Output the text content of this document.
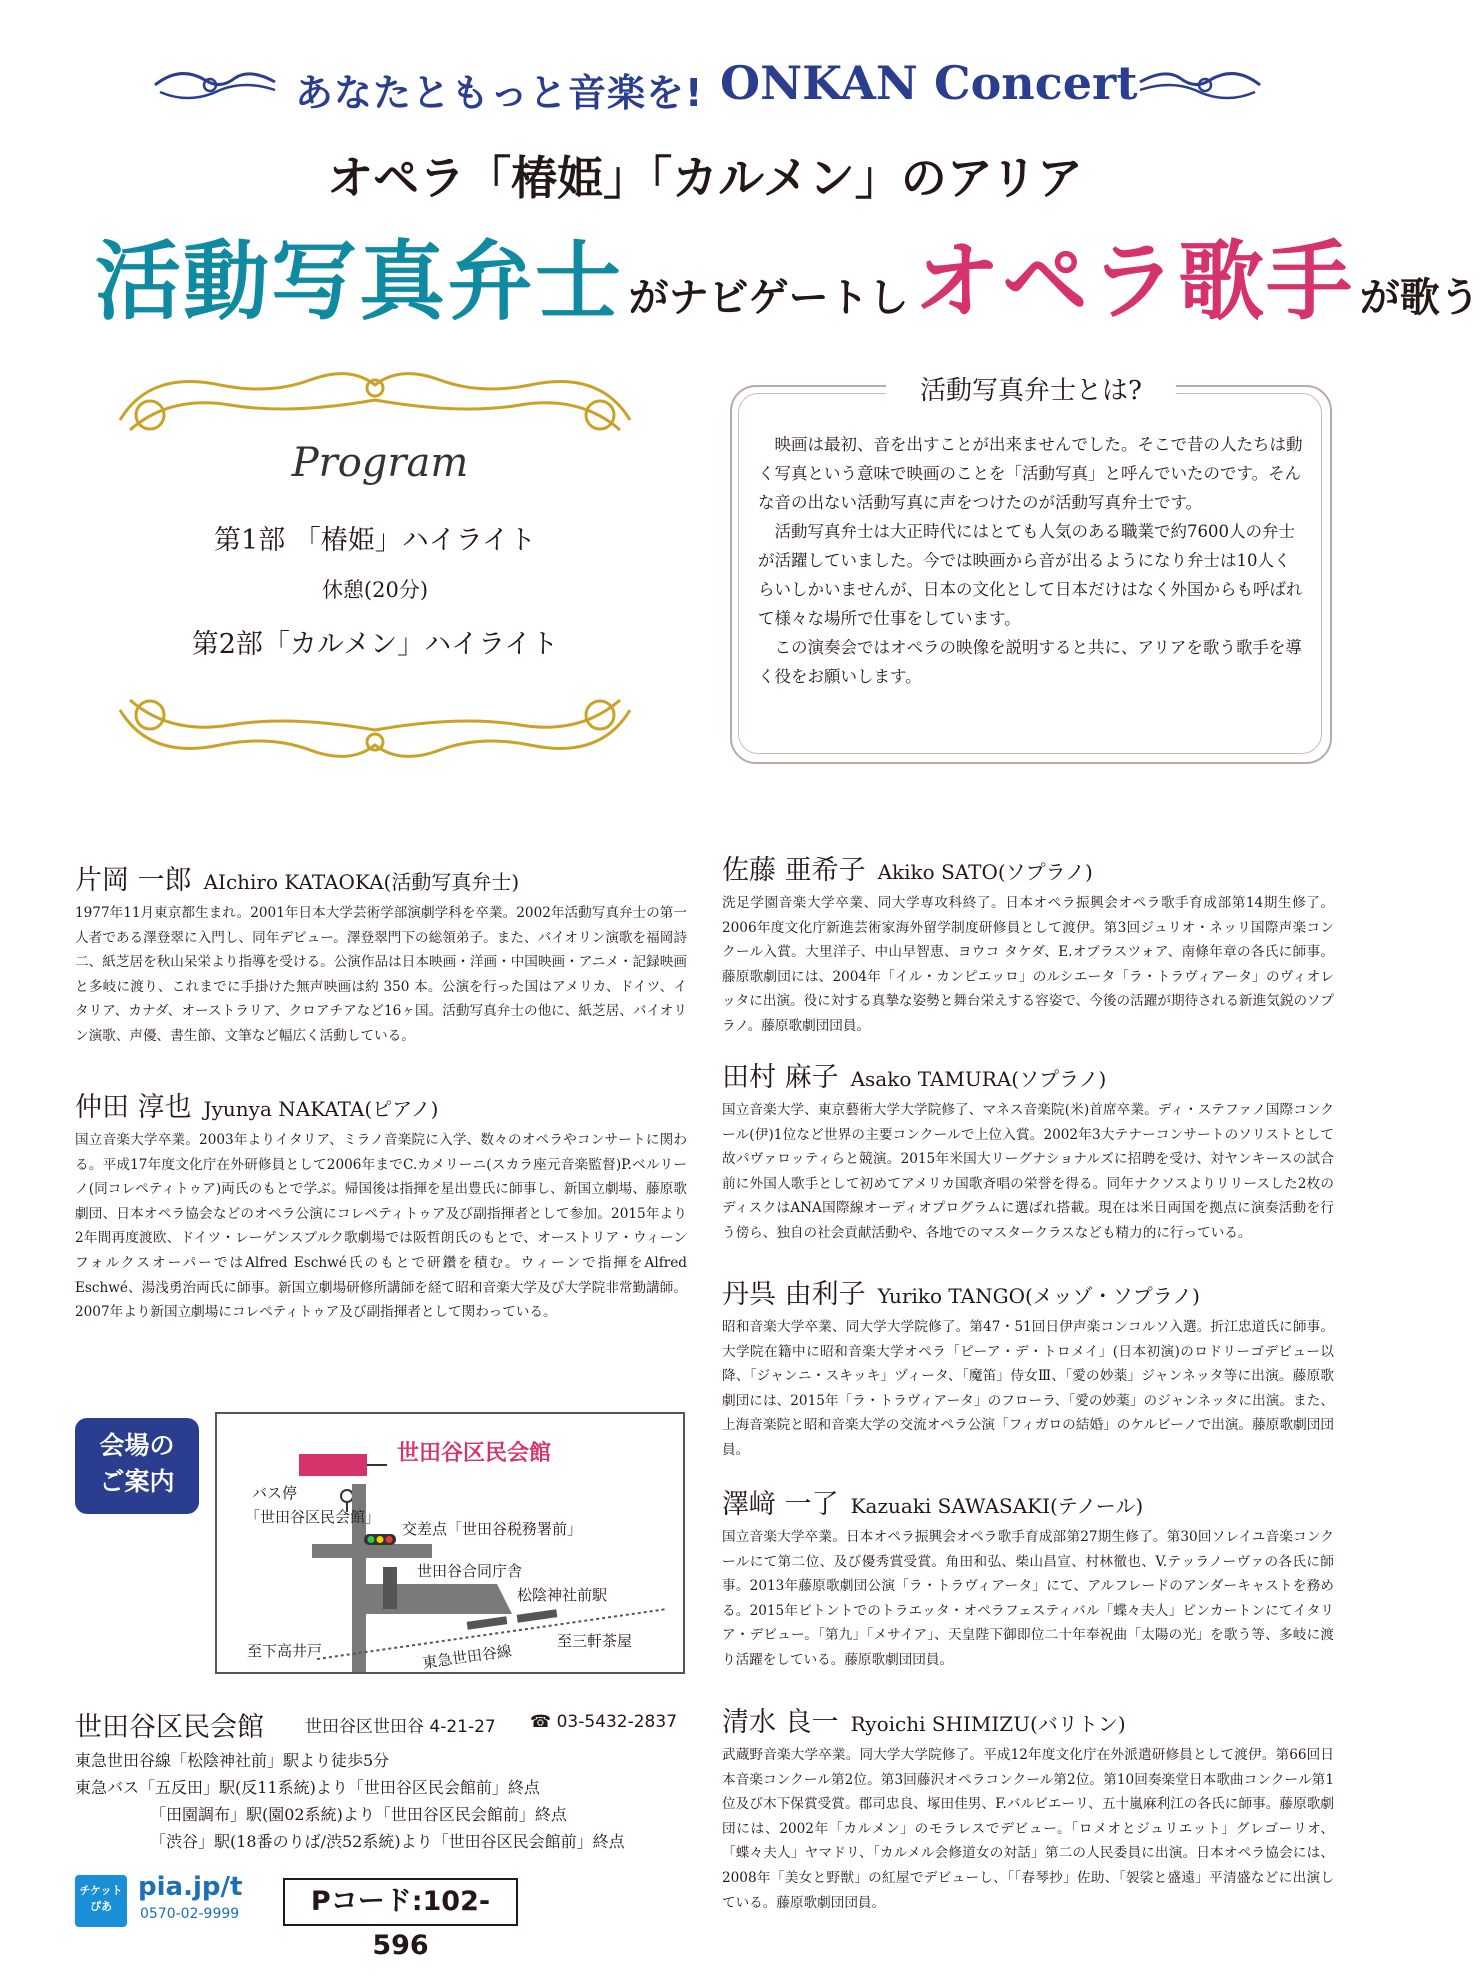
あなたともっと音楽を! ONKAN Concert
オペラ「椿姫」「カルメン」のアリア
活動写真弁士 がナビゲートし オペラ歌手 が歌う
Program
第1部 「椿姫」ハイライト
休憩(20分)
第2部「カルメン」ハイライト
活動写真弁士とは?

映画は最初、音を出すことが出来ませんでした。そこで昔の人たちは動く写真という意味で映画のことを「活動写真」と呼んでいたのです。そんな音の出ない活動写真に声をつけたのが活動写真弁士です。

活動写真弁士は大正時代にはとても人気のある職業で約7600人の弁士が活躍していました。今では映画から音が出るようになり弁士は10人くらいしかいませんが、日本の文化として日本だけはなく外国からも呼ばれて様々な場所で仕事をしています。

この演奏会ではオペラの映像を説明すると共に、アリアを歌う歌手を導く役をお願いします。

片岡 一郎 AIchiro KATAOKA(活動写真弁士)
1977年11月東京都生まれ。2001年日本大学芸術学部演劇学科を卒業。2002年活動写真弁士の第一人者である澤登翠に入門し、同年デビュー。澤登翠門下の総領弟子。また、バイオリン演歌を福岡詩二、紙芝居を秋山呆栄より指導を受ける。公演作品は日本映画・洋画・中国映画・アニメ・記録映画と多岐に渡り、これまでに手掛けた無声映画は約 350 本。公演を行った国はアメリカ、ドイツ、イタリア、カナダ、オーストラリア、クロアチアなど16ヶ国。活動写真弁士の他に、紙芝居、バイオリン演歌、声優、書生節、文筆など幅広く活動している。
仲田 淳也 Jyunya NAKATA(ピアノ)
国立音楽大学卒業。2003年よりイタリア、ミラノ音楽院に入学、数々のオペラやコンサートに関わる。平成17年度文化庁在外研修員として2006年までC.カメリーニ(スカラ座元音楽監督)P.ベルリーノ(同コレペティトゥア)両氏のもとで学ぶ。帰国後は指揮を星出豊氏に師事し、新国立劇場、藤原歌劇団、日本オペラ協会などのオペラ公演にコレペティトゥア及び副指揮者として参加。2015年より2年間再度渡欧、ドイツ・レーゲンスブルク歌劇場では阪哲朗氏のもとで、オーストリア・ウィーンフォルクスオーパーではAlfred Eschwé氏のもとで研鑽を積む。ウィーンで指揮をAlfred Eschwé、湯浅勇治両氏に師事。新国立劇場研修所講師を経て昭和音楽大学及び大学院非常勤講師。2007年より新国立劇場にコレペティトゥア及び副指揮者として関わっている。
佐藤 亜希子 Akiko SATO(ソプラノ)
洗足学園音楽大学卒業、同大学専攻科終了。日本オペラ振興会オペラ歌手育成部第14期生修了。2006年度文化庁新進芸術家海外留学制度研修員として渡伊。第3回ジュリオ・ネッリ国際声楽コンクール入賞。大里洋子、中山早智恵、ヨウコ タケダ、E.オブラスツォア、南條年章の各氏に師事。 藤原歌劇団には、2004年「イル・カンピエッロ」のルシエータ「ラ・トラヴィアータ」のヴィオレッタに出演。役に対する真摯な姿勢と舞台栄えする容姿で、今後の活躍が期待される新進気鋭のソプラノ。藤原歌劇団団員。
田村 麻子 Asako TAMURA(ソプラノ)
国立音楽大学、東京藝術大学大学院修了、マネス音楽院(米)首席卒業。ディ・ステファノ国際コンクール(伊)1位など世界の主要コンクールで上位入賞。2002年3大テナーコンサートのソリストとして故パヴァロッティらと競演。2015年米国大リーグナショナルズに招聘を受け、対ヤンキースの試合前に外国人歌手として初めてアメリカ国歌斉唱の栄誉を得る。同年ナクソスよりリリースした2枚のディスクはANA国際線オーディオプログラムに選ばれ搭載。現在は米日両国を拠点に演奏活動を行う傍ら、独自の社会貢献活動や、各地でのマスタークラスなども精力的に行っている。
丹呉 由利子 Yuriko TANGO(メッゾ・ソプラノ)
昭和音楽大学卒業、同大学大学院修了。第47・51回日伊声楽コンコルソ入選。折江忠道氏に師事。大学院在籍中に昭和音楽大学オペラ「ピーア・デ・トロメイ」(日本初演)のロドリーゴデビュー以降、「ジャンニ・スキッキ」ヅィータ、「魔笛」侍女Ⅲ、「愛の妙薬」ジャンネッタ等に出演。藤原歌劇団には、2015年「ラ・トラヴィアータ」のフローラ、「愛の妙薬」のジャンネッタに出演。また、上海音楽院と昭和音楽大学の交流オペラ公演「フィガロの結婚」のケルビーノで出演。藤原歌劇団団員。
澤﨑 一了 Kazuaki SAWASAKI(テノール)
国立音楽大学卒業。日本オペラ振興会オペラ歌手育成部第27期生修了。第30回ソレイユ音楽コンクールにて第二位、及び優秀賞受賞。角田和弘、柴山昌宣、村林徹也、V.テッラノーヴァの各氏に師事。2013年藤原歌劇団公演「ラ・トラヴィアータ」にて、アルフレードのアンダーキャストを務める。2015年ビトントでのトラエッタ・オペラフェスティバル「蝶々夫人」ピンカートンにてイタリア・デビュー。「第九」「メサイア」、天皇陛下御即位二十年奉祝曲「太陽の光」を歌う等、多岐に渡り活躍をしている。藤原歌劇団団員。
清水 良一 Ryoichi SHIMIZU(バリトン)
武蔵野音楽大学卒業。同大学大学院修了。平成12年度文化庁在外派遣研修員として渡伊。第66回日本音楽コンクール第2位。第3回藤沢オペラコンクール第2位。第10回奏楽堂日本歌曲コンクール第1位及び木下保賞受賞。郡司忠良、塚田佳男、F.バルビエーリ、五十嵐麻利江の各氏に師事。藤原歌劇団には、2002年「カルメン」のモラレスでデビュー。「ロメオとジュリエット」グレゴーリオ、「蝶々夫人」ヤマドリ、「カルメル会修道女の対話」第二の人民委員に出演。日本オペラ協会には、2008年「美女と野獣」の紅屋でデビューし、「「春琴抄」佐助、「袈裟と盛遠」平清盛などに出演している。藤原歌劇団団員。
会場の
ご案内
世田谷区民会館
バス停
「世田谷区民会館」
交差点「世田谷税務署前」
世田谷合同庁舎
松陰神社前駅
至下高井戸
至三軒茶屋
東急世田谷線
世田谷区民会館 世田谷区世田谷 4-21-27 ☎ 03-5432-2837
東急世田谷線「松陰神社前」駅より徒歩5分
東急バス「五反田」駅(反11系統)より「世田谷区民会館前」終点
「田園調布」駅(園02系統)より「世田谷区民会館前」終点
「渋谷」駅(18番のりば/渋52系統)より「世田谷区民会館前」終点
チケット
ぴあ
pia.jp/t
0570-02-9999	Pコード:102-596
